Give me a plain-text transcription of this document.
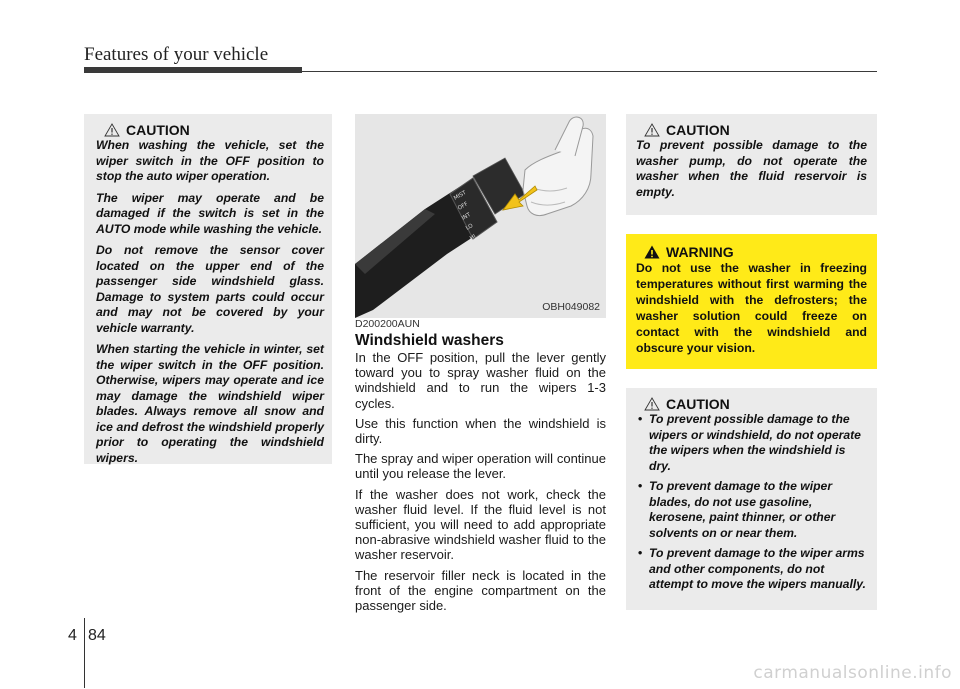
Features of your vehicle
CAUTION

When washing the vehicle, set the wiper switch in the OFF position to stop the auto wiper operation.

The wiper may operate and be damaged if the switch is set in the AUTO mode while washing the vehicle.

Do not remove the sensor cover located on the upper end of the passenger side windshield glass. Damage to system parts could occur and may not be covered by your vehicle warranty.

When starting the vehicle in winter, set the wiper switch in the OFF position. Otherwise, wipers may operate and ice may damage the windshield wiper blades. Always remove all snow and ice and defrost the windshield properly prior to operating the windshield wipers.

MIST
OFF
INT
LO
HI
OBH049082
D200200AUN
Windshield washers

In the OFF position, pull the lever gently toward you to spray washer fluid on the windshield and to run the wipers 1-3 cycles.

Use this function when the windshield is dirty.

The spray and wiper operation will continue until you release the lever.

If the washer does not work, check the washer fluid level. If the fluid level is not sufficient, you will need to add appropriate non-abrasive windshield washer fluid to the washer reservoir.

The reservoir filler neck is located in the front of the engine compartment on the passenger side.

CAUTION

To prevent possible damage to the washer pump, do not operate the washer when the fluid reservoir is empty.

WARNING

Do not use the washer in freezing temperatures without first warming the windshield with the defrosters; the washer solution could freeze on contact with the windshield and obscure your vision.

CAUTION
• To prevent possible damage to the wipers or windshield, do not operate the wipers when the windshield is dry.
• To prevent damage to the wiper blades, do not use gasoline, kerosene, paint thinner, or other solvents on or near them.
• To prevent damage to the wiper arms and other components, do not attempt to move the wipers manually.
4 84
carmanualsonline.info
